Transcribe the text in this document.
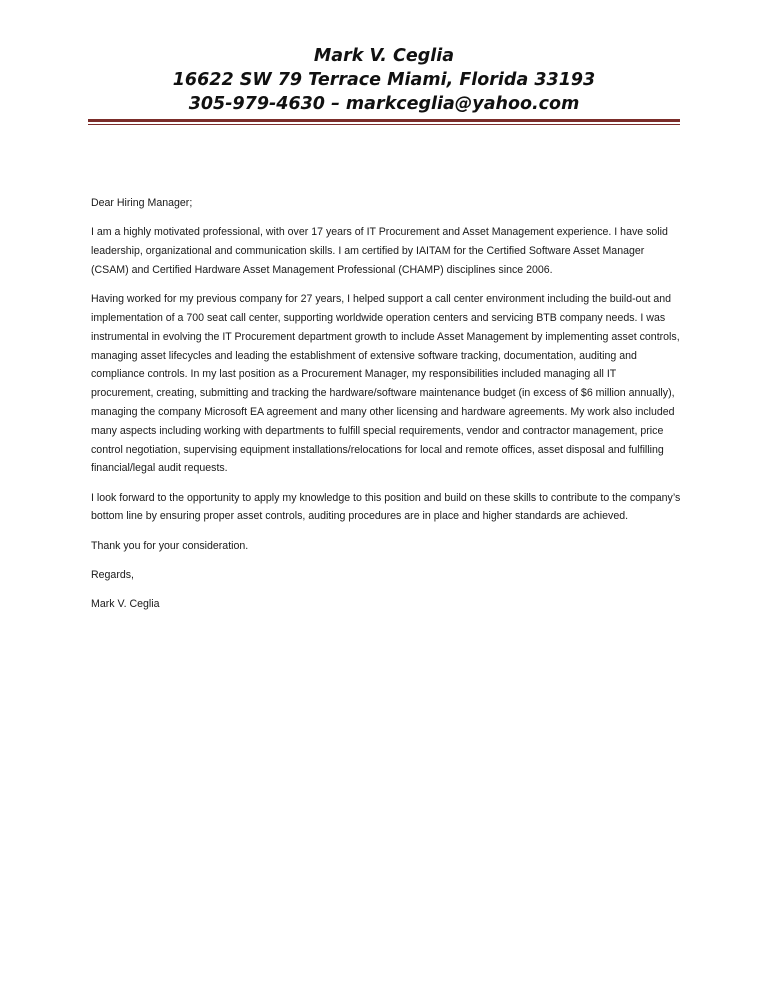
Mark V. Ceglia
16622 SW 79 Terrace Miami, Florida 33193
305-979-4630 – markceglia@yahoo.com

Dear Hiring Manager;

I am a highly motivated professional, with over 17 years of IT Procurement and Asset Management experience. I have solid leadership, organizational and communication skills. I am certified by IAITAM for the Certified Software Asset Manager (CSAM) and Certified Hardware Asset Management Professional (CHAMP) disciplines since 2006.

Having worked for my previous company for 27 years, I helped support a call center environment including the build-out and implementation of a 700 seat call center, supporting worldwide operation centers and servicing BTB company needs. I was instrumental in evolving the IT Procurement department growth to include Asset Management by implementing asset controls, managing asset lifecycles and leading the establishment of extensive software tracking, documentation, auditing and compliance controls. In my last position as a Procurement Manager, my responsibilities included managing all IT procurement, creating, submitting and tracking the hardware/software maintenance budget (in excess of $6 million annually), managing the company Microsoft EA agreement and many other licensing and hardware agreements. My work also included many aspects including working with departments to fulfill special requirements, vendor and contractor management, price control negotiation, supervising equipment installations/relocations for local and remote offices, asset disposal and fulfilling financial/legal audit requests.

I look forward to the opportunity to apply my knowledge to this position and build on these skills to contribute to the company’s bottom line by ensuring proper asset controls, auditing procedures are in place and higher standards are achieved.

Thank you for your consideration.

Regards,

Mark V. Ceglia
